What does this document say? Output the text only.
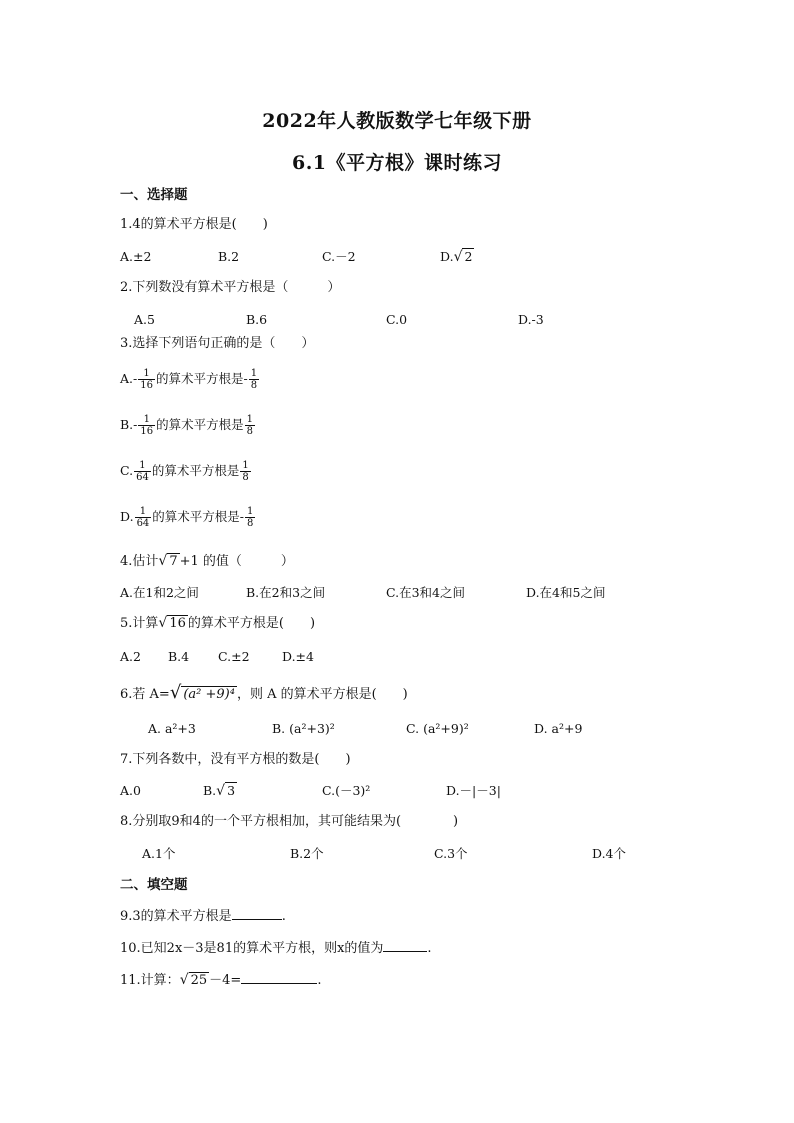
2022年人教版数学七年级下册
6.1《平方根》课时练习
一、选择题
1.4的算术平方根是(　　)
A.±2	B.2	C.－2	D.√ 2
2.下列数没有算术平方根是（　　　）
A.5	B.6	C.0	D.-3
3.选择下列语句正确的是（　　）
$A.- \frac{1}{16}$ 的算术平方根是- $\frac{1}{8}$
$B.- \frac{1}{16}$ 的算术平方根是 $\frac{1}{8}$
C. $\frac{1}{64}$ 的算术平方根是 $\frac{1}{8}$
D. $\frac{1}{64}$ 的算术平方根是- $\frac{1}{8}$
4.估计√ 7 +1 的值（　　　）
A.在1和2之间	B.在2和3之间	C.在3和4之间	D.在4和5之间
5.计算√ 16 的算术平方根是(　　)
A.2 B.4 C.±2	D.±4
6.若 A=√ (a² +9)⁴ ，则 A 的算术平方根是(　　)
A. a²+3	B. (a²+3)²	C. (a²+9)²	D. a²+9
7.下列各数中，没有平方根的数是(　　)
A.0	B.√ 3	C.(－3)²	D.－|－3|
8.分别取9和4的一个平方根相加，其可能结果为(　　　　)
A.1个	B.2个	C.3个	D.4个
二、填空题
9.3的算术平方根是	.
10.已知2x－3是81的算术平方根，则x的值为	.
11.计算：√ 25 －4=	.
